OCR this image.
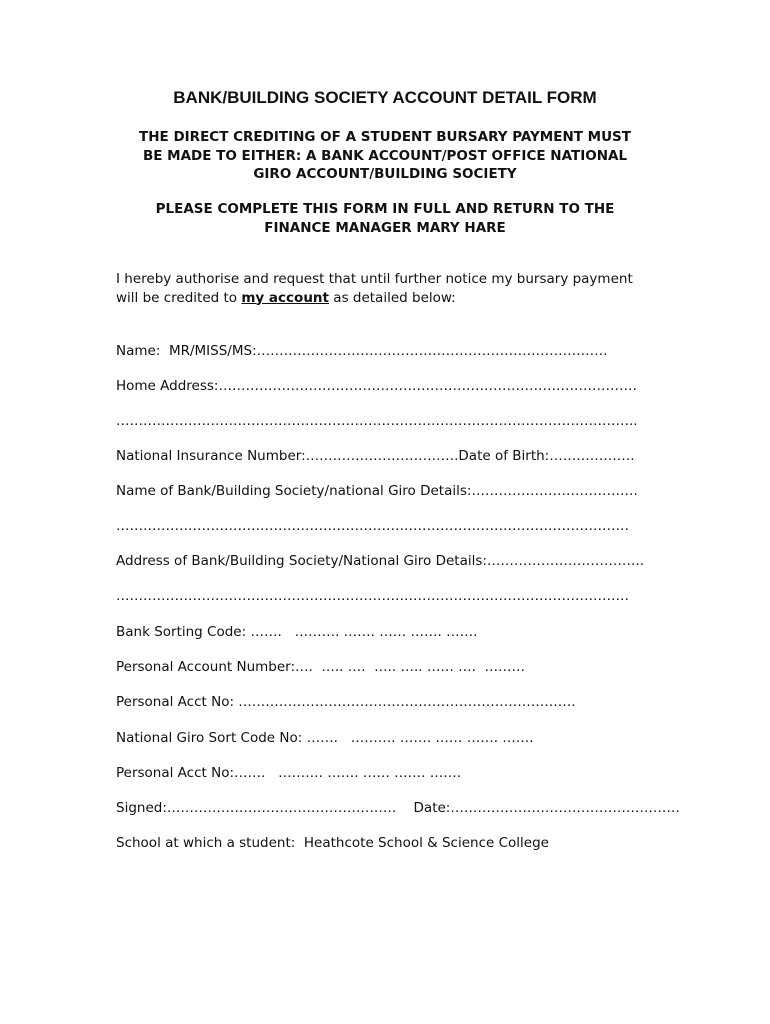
BANK/BUILDING SOCIETY ACCOUNT DETAIL FORM
THE DIRECT CREDITING OF A STUDENT BURSARY PAYMENT MUST
BE MADE TO EITHER: A BANK ACCOUNT/POST OFFICE NATIONAL
GIRO ACCOUNT/BUILDING SOCIETY
PLEASE COMPLETE THIS FORM IN FULL AND RETURN TO THE
FINANCE MANAGER MARY HARE
I hereby authorise and request that until further notice my bursary payment
will be credited to my account as detailed below:
Name:  MR/MISS/MS:……………………………………………………………………
Home Address:…………………………………………………………………………………
……………………………………………………………………………………………………..
National Insurance Number:…………………………….Date of Birth:……………….
Name of Bank/Building Society/national Giro Details:……………………………….
……………………………………………………………………………………………………
Address of Bank/Building Society/National Giro Details:……………………………..
……………………………………………………………………………………………………
Bank Sorting Code: …….   ………. ……. …… ……. …….
Personal Account Number:….  ….. ….  ….. ….. …… ….  ………
Personal Acct No: …………………………………………………………………
National Giro Sort Code No: …….   ………. ……. …… ……. …….
Personal Acct No:…….   ………. ……. …… ……. …….
Signed:……………………………………………    Date:……………………………………………
School at which a student:  Heathcote School & Science College
